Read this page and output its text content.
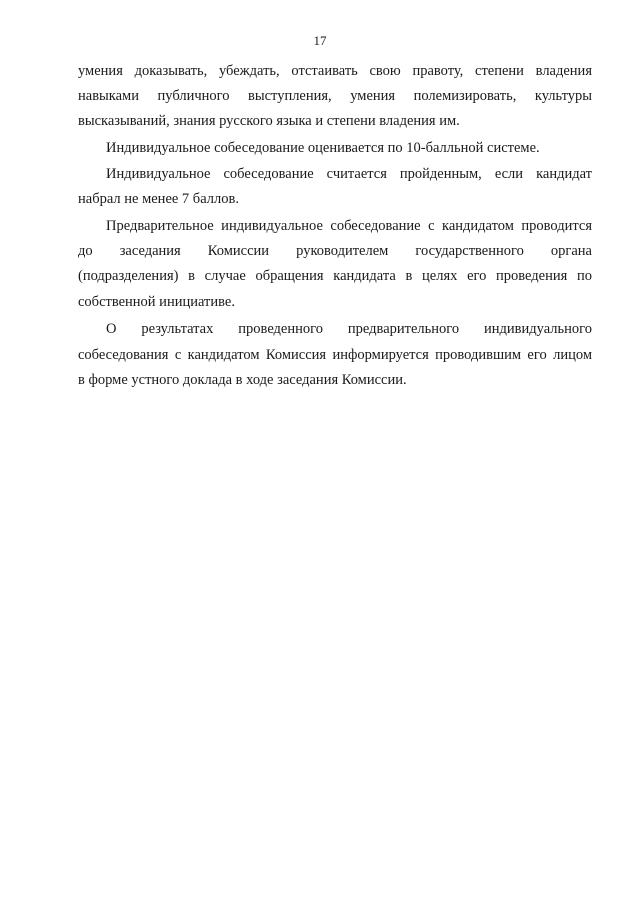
17
умения доказывать, убеждать, отстаивать свою правоту, степени владения
навыками публичного выступления, умения полемизировать, культуры
высказываний, знания русского языка и степени владения им.
Индивидуальное собеседование оценивается по 10-балльной системе.
Индивидуальное собеседование считается пройденным, если кандидат
набрал не менее 7 баллов.
Предварительное индивидуальное собеседование с кандидатом проводится
до заседания Комиссии руководителем государственного органа
(подразделения) в случае обращения кандидата в целях его проведения по
собственной инициативе.
О результатах проведенного предварительного индивидуального
собеседования с кандидатом Комиссия информируется проводившим его лицом
в форме устного доклада в ходе заседания Комиссии.
